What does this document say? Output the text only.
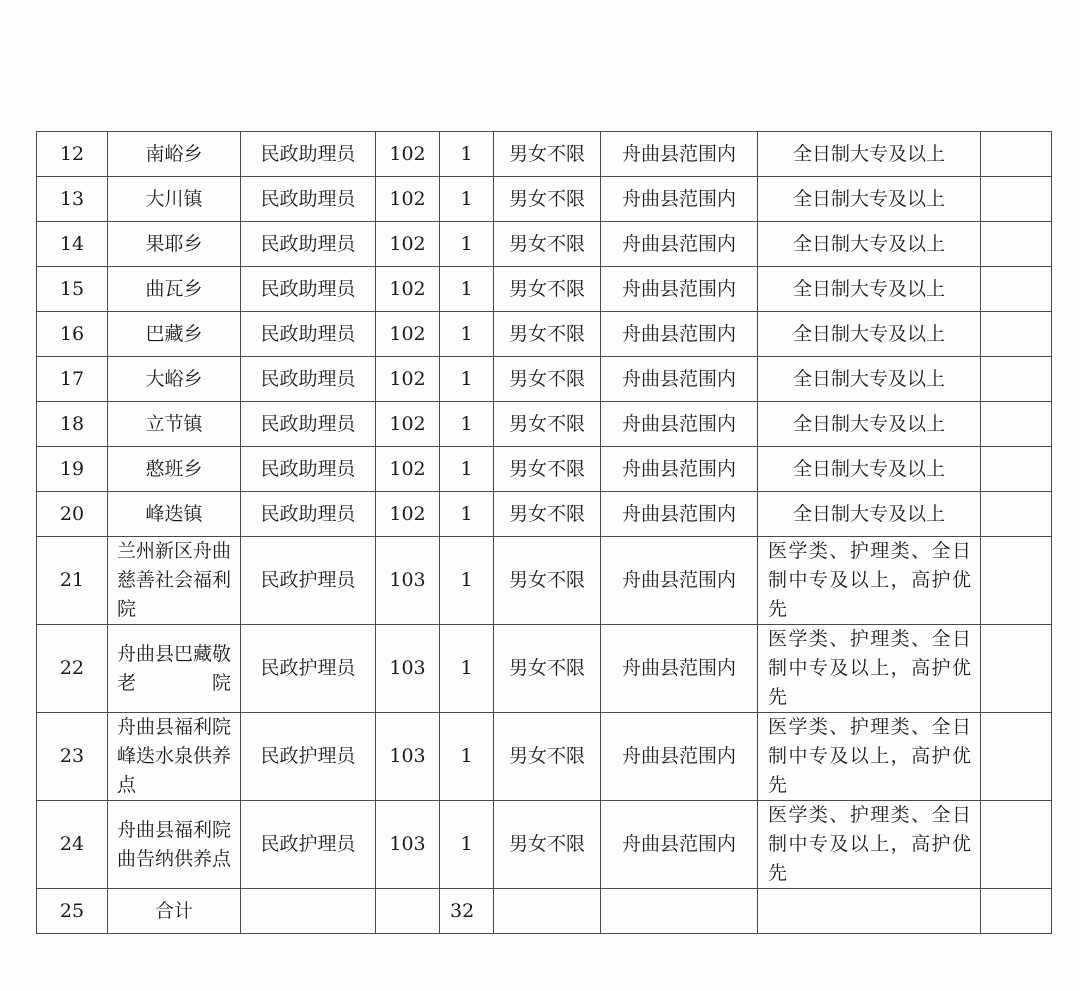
12	南峪乡	民政助理员	102	1	男女不限	舟曲县范围内	全日制大专及以上	
13	大川镇	民政助理员	102	1	男女不限	舟曲县范围内	全日制大专及以上	
14	果耶乡	民政助理员	102	1	男女不限	舟曲县范围内	全日制大专及以上	
15	曲瓦乡	民政助理员	102	1	男女不限	舟曲县范围内	全日制大专及以上	
16	巴藏乡	民政助理员	102	1	男女不限	舟曲县范围内	全日制大专及以上	
17	大峪乡	民政助理员	102	1	男女不限	舟曲县范围内	全日制大专及以上	
18	立节镇	民政助理员	102	1	男女不限	舟曲县范围内	全日制大专及以上	
19	憨班乡	民政助理员	102	1	男女不限	舟曲县范围内	全日制大专及以上	
20	峰迭镇	民政助理员	102	1	男女不限	舟曲县范围内	全日制大专及以上	
21	兰州新区舟曲慈善社会福利院	民政护理员	103	1	男女不限	舟曲县范围内	医学类、护理类、全日制中专及以上，高护优先	
22	舟曲县巴藏敬老院	民政护理员	103	1	男女不限	舟曲县范围内	医学类、护理类、全日制中专及以上，高护优先	
23	舟曲县福利院峰迭水泉供养点	民政护理员	103	1	男女不限	舟曲县范围内	医学类、护理类、全日制中专及以上，高护优先	
24	舟曲县福利院曲告纳供养点	民政护理员	103	1	男女不限	舟曲县范围内	医学类、护理类、全日制中专及以上，高护优先	
25	合计			32				
